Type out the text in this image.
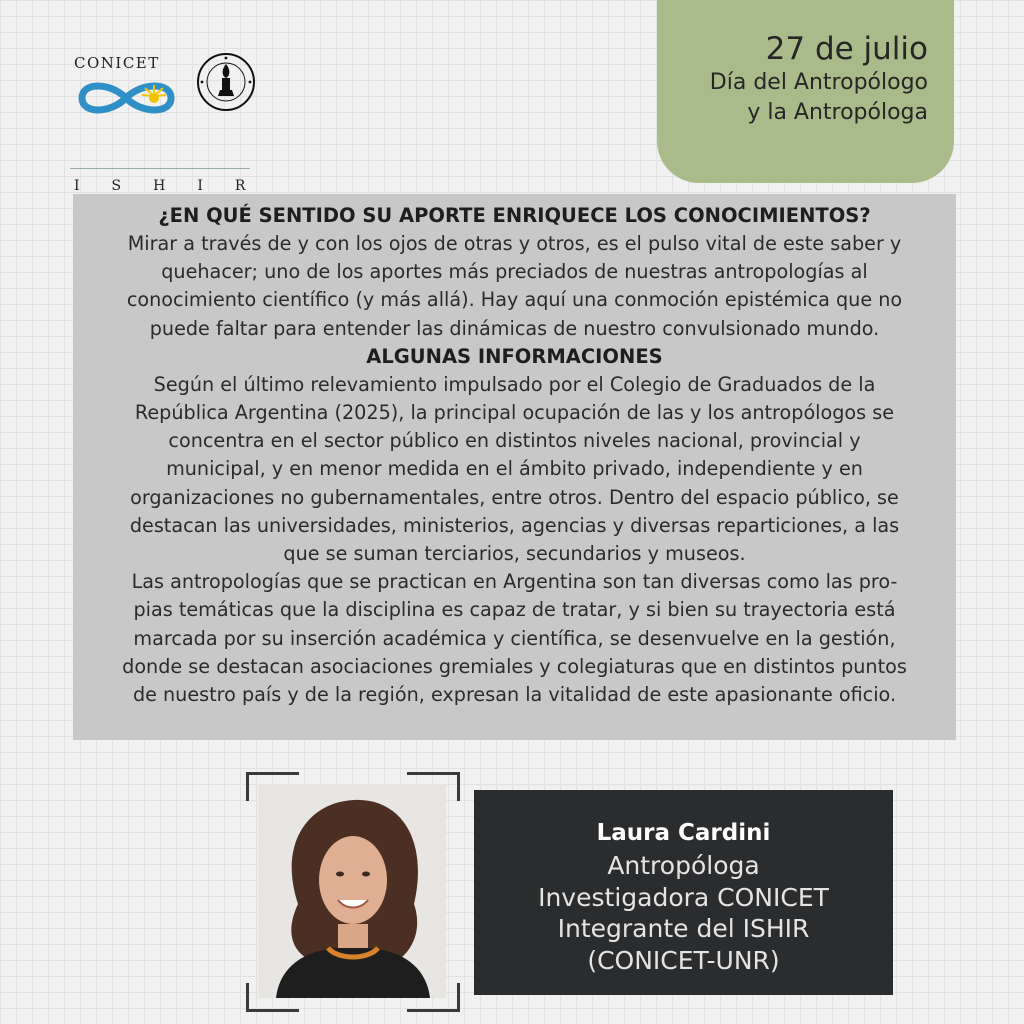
CONICET
ISHIR
27 de julio
Día del Antropólogo
y la Antropóloga
¿EN QUÉ SENTIDO SU APORTE ENRIQUECE LOS CONOCIMIENTOS?

Mirar a través de y con los ojos de otras y otros, es el pulso vital de este saber y
quehacer; uno de los aportes más preciados de nuestras antropologías al
conocimiento científico (y más allá). Hay aquí una conmoción epistémica que no
puede faltar para entender las dinámicas de nuestro convulsionado mundo.

ALGUNAS INFORMACIONES

Según el último relevamiento impulsado por el Colegio de Graduados de la
República Argentina (2025), la principal ocupación de las y los antropólogos se
concentra en el sector público en distintos niveles nacional, provincial y
municipal, y en menor medida en el ámbito privado, independiente y en
organizaciones no gubernamentales, entre otros. Dentro del espacio público, se
destacan las universidades, ministerios, agencias y diversas reparticiones, a las
que se suman terciarios, secundarios y museos.

Las antropologías que se practican en Argentina son tan diversas como las pro-
pias temáticas que la disciplina es capaz de tratar, y si bien su trayectoria está
marcada por su inserción académica y científica, se desenvuelve en la gestión,
donde se destacan asociaciones gremiales y colegiaturas que en distintos puntos
de nuestro país y de la región, expresan la vitalidad de este apasionante oficio.

Laura Cardini
Antropóloga
Investigadora CONICET
Integrante del ISHIR
(CONICET-UNR)
